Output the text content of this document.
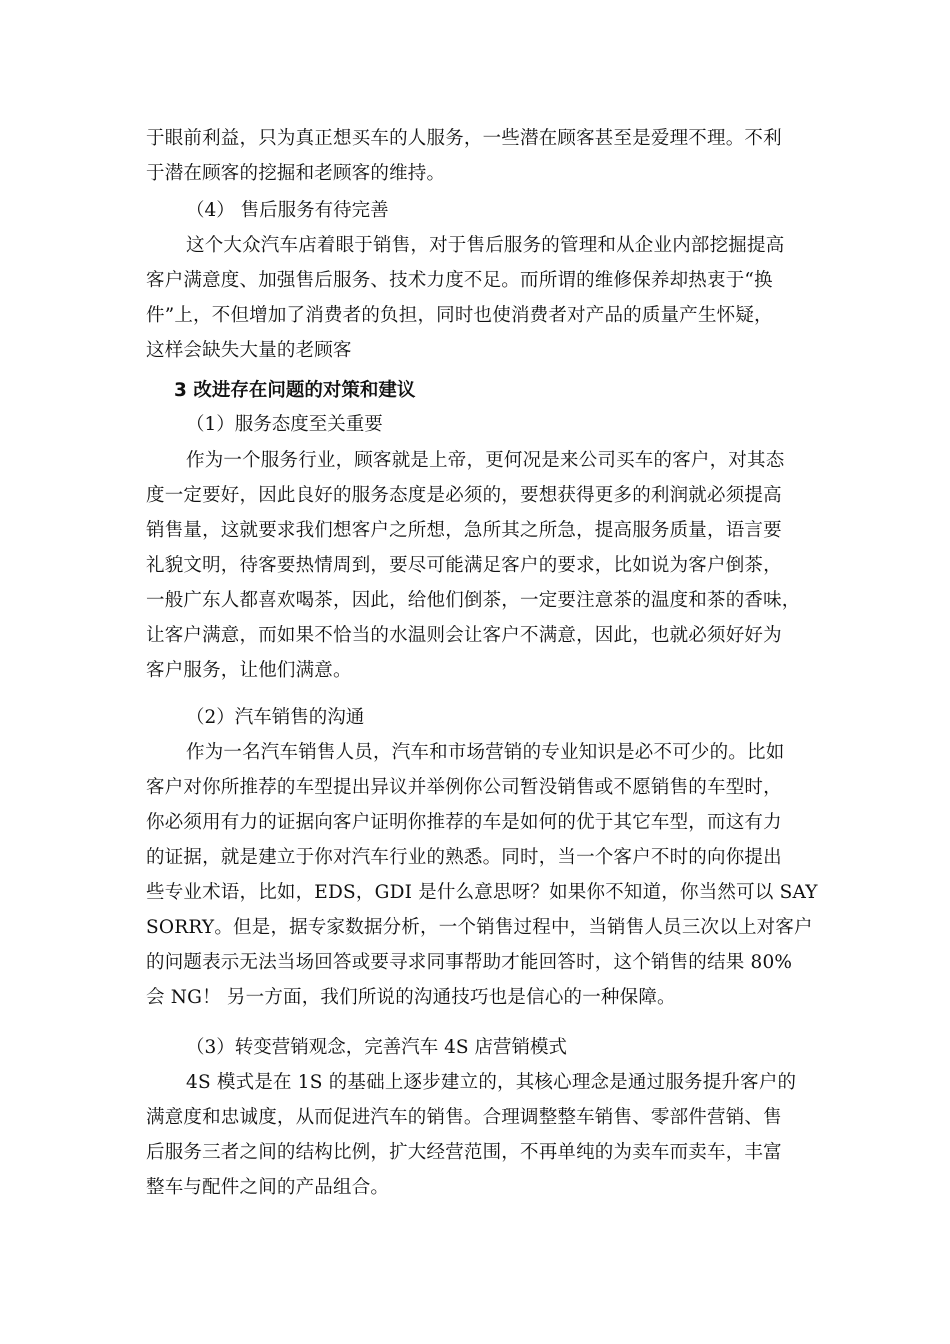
于眼前利益，只为真正想买车的人服务，一些潜在顾客甚至是爱理不理。不利
于潜在顾客的挖掘和老顾客的维持。
（4） 售后服务有待完善
这个大众汽车店着眼于销售，对于售后服务的管理和从企业内部挖掘提高
客户满意度、加强售后服务、技术力度不足。而所谓的维修保养却热衷于“换
件”上，不但增加了消费者的负担，同时也使消费者对产品的质量产生怀疑，
这样会缺失大量的老顾客
3 改进存在问题的对策和建议
（1）服务态度至关重要
作为一个服务行业，顾客就是上帝，更何况是来公司买车的客户，对其态
度一定要好，因此良好的服务态度是必须的，要想获得更多的利润就必须提高
销售量，这就要求我们想客户之所想，急所其之所急，提高服务质量，语言要
礼貌文明，待客要热情周到，要尽可能满足客户的要求，比如说为客户倒茶，
一般广东人都喜欢喝茶，因此，给他们倒茶，一定要注意茶的温度和茶的香味，
让客户满意，而如果不恰当的水温则会让客户不满意，因此，也就必须好好为
客户服务，让他们满意。
（2）汽车销售的沟通
作为一名汽车销售人员，汽车和市场营销的专业知识是必不可少的。比如
客户对你所推荐的车型提出异议并举例你公司暂没销售或不愿销售的车型时，
你必须用有力的证据向客户证明你推荐的车是如何的优于其它车型，而这有力
的证据，就是建立于你对汽车行业的熟悉。同时，当一个客户不时的向你提出
些专业术语，比如，EDS，GDI 是什么意思呀？如果你不知道，你当然可以 SAY
SORRY。但是，据专家数据分析，一个销售过程中，当销售人员三次以上对客户
的问题表示无法当场回答或要寻求同事帮助才能回答时，这个销售的结果 80%
会 NG！ 另一方面，我们所说的沟通技巧也是信心的一种保障。
（3）转变营销观念，完善汽车 4S 店营销模式
4S 模式是在 1S 的基础上逐步建立的，其核心理念是通过服务提升客户的
满意度和忠诚度，从而促进汽车的销售。合理调整整车销售、零部件营销、售
后服务三者之间的结构比例，扩大经营范围，不再单纯的为卖车而卖车，丰富
整车与配件之间的产品组合。
